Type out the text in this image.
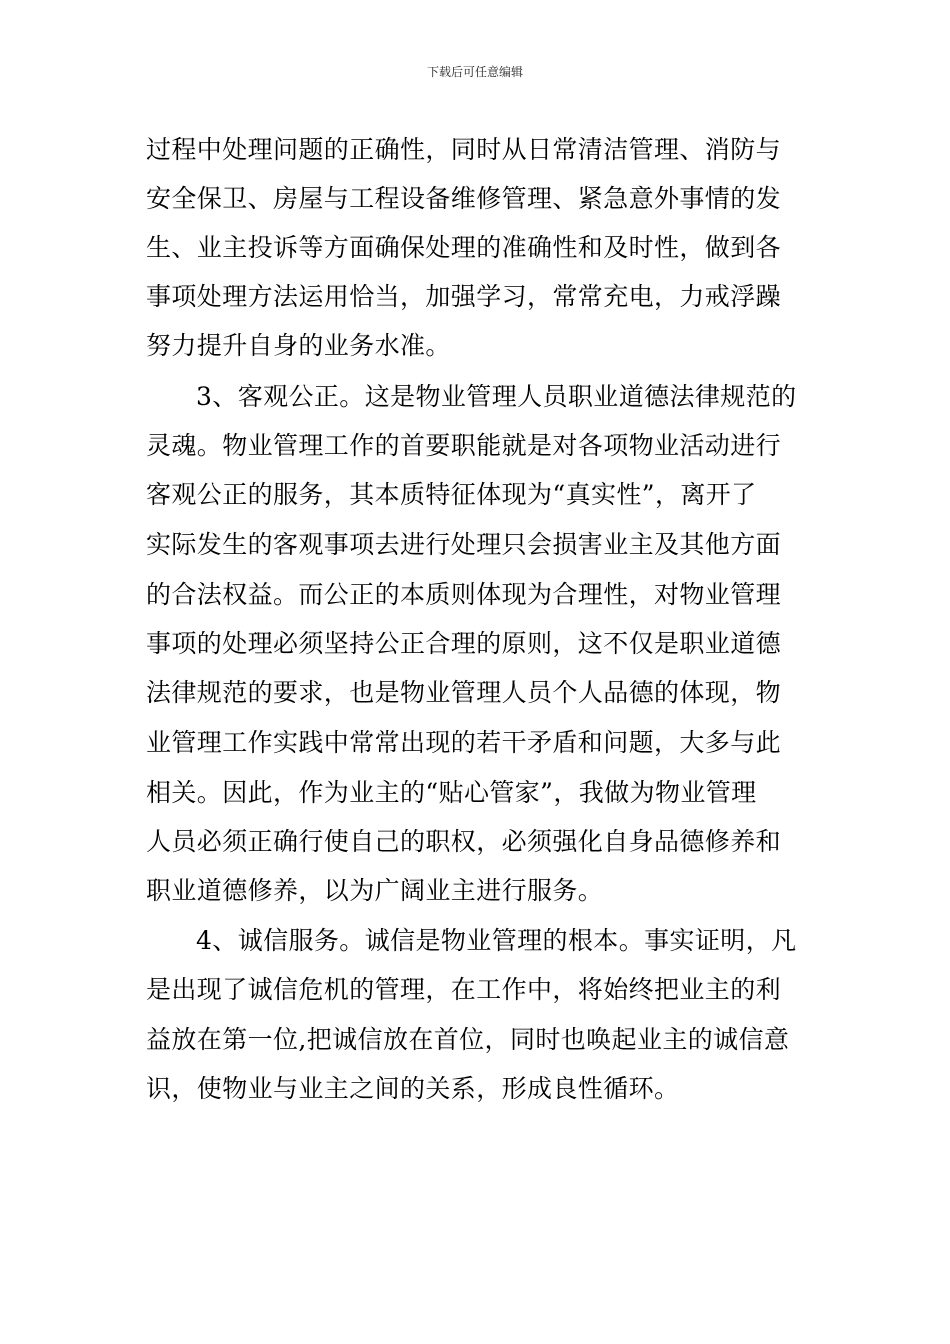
下载后可任意编辑
过程中处理问题的正确性，同时从日常清洁管理、消防与
安全保卫、房屋与工程设备维修管理、紧急意外事情的发
生、业主投诉等方面确保处理的准确性和及时性，做到各
事项处理方法运用恰当，加强学习，常常充电，力戒浮躁
努力提升自身的业务水准。
3、客观公正。这是物业管理人员职业道德法律规范的
灵魂。物业管理工作的首要职能就是对各项物业活动进行
客观公正的服务，其本质特征体现为“真实性”，离开了
实际发生的客观事项去进行处理只会损害业主及其他方面
的合法权益。而公正的本质则体现为合理性，对物业管理
事项的处理必须坚持公正合理的原则，这不仅是职业道德
法律规范的要求，也是物业管理人员个人品德的体现，物
业管理工作实践中常常出现的若干矛盾和问题，大多与此
相关。因此，作为业主的“贴心管家”，我做为物业管理
人员必须正确行使自己的职权，必须强化自身品德修养和
职业道德修养，以为广阔业主进行服务。
4、诚信服务。诚信是物业管理的根本。事实证明，凡
是出现了诚信危机的管理，在工作中，将始终把业主的利
益放在第一位,把诚信放在首位，同时也唤起业主的诚信意
识，使物业与业主之间的关系，形成良性循环。
